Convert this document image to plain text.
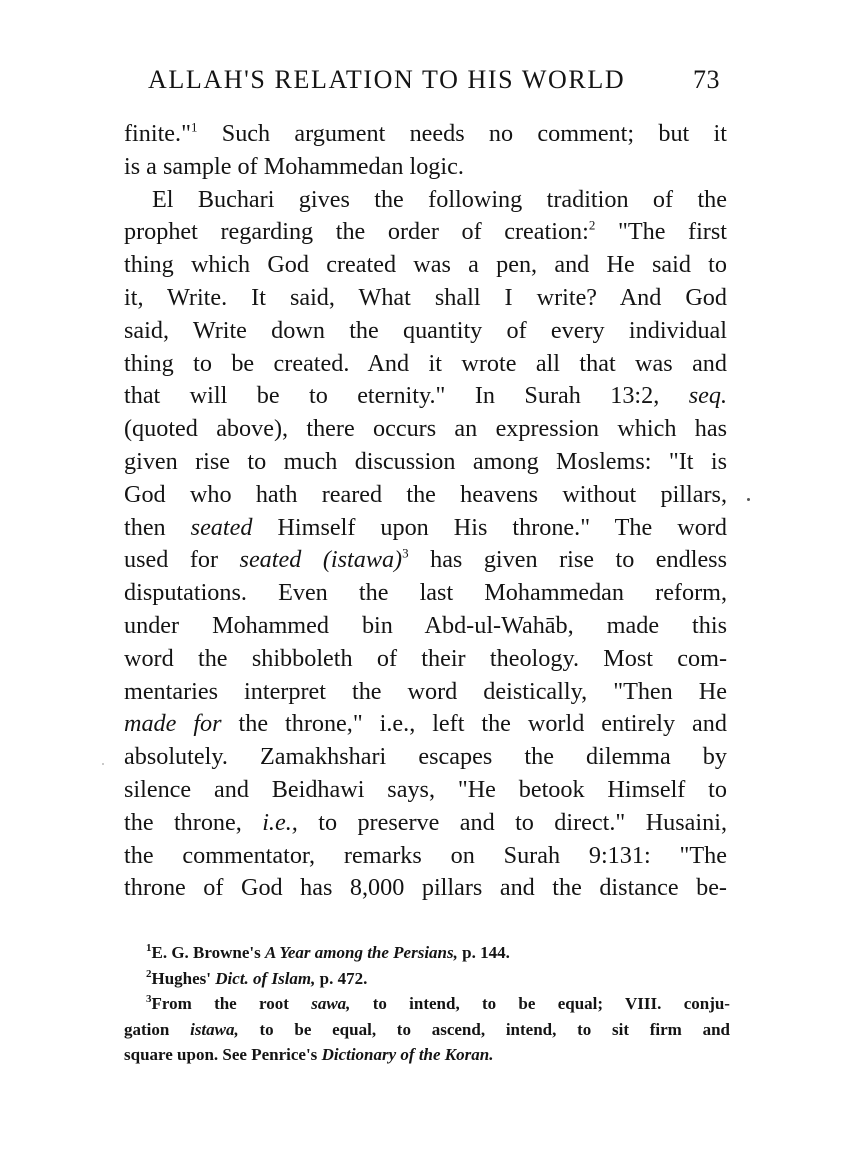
ALLAH'S RELATION TO HIS WORLD	73
finite."$^1$ Such argument needs no comment; but it
is a sample of Mohammedan logic.
El Buchari gives the following tradition of the
prophet regarding the order of creation:$^2$ "The first
thing which God created was a pen, and He said to
it, Write. It said, What shall I write? And God
said, Write down the quantity of every individual
thing to be created. And it wrote all that was and
that will be to eternity." In Surah 13:2, seq.
(quoted above), there occurs an expression which has
given rise to much discussion among Moslems: "It is
God who hath reared the heavens without pillars,
then seated Himself upon His throne." The word
used for seated (istawa)$^3$ has given rise to endless
disputations. Even the last Mohammedan reform,
under Mohammed bin Abd-ul-Wahāb, made this
word the shibboleth of their theology. Most com-
mentaries interpret the word deistically, "Then He
made for the throne," i.e., left the world entirely and
absolutely. Zamakhshari escapes the dilemma by
silence and Beidhawi says, "He betook Himself to
the throne, i.e., to preserve and to direct." Husaini,
the commentator, remarks on Surah 9:131: "The
throne of God has 8,000 pillars and the distance be-
$^1$E. G. Browne's A Year among the Persians, p. 144.
$^2$Hughes' Dict. of Islam, p. 472.
$^3$From the root sawa, to intend, to be equal; VIII. conju-
gation istawa, to be equal, to ascend, intend, to sit firm and
square upon. See Penrice's Dictionary of the Koran.
